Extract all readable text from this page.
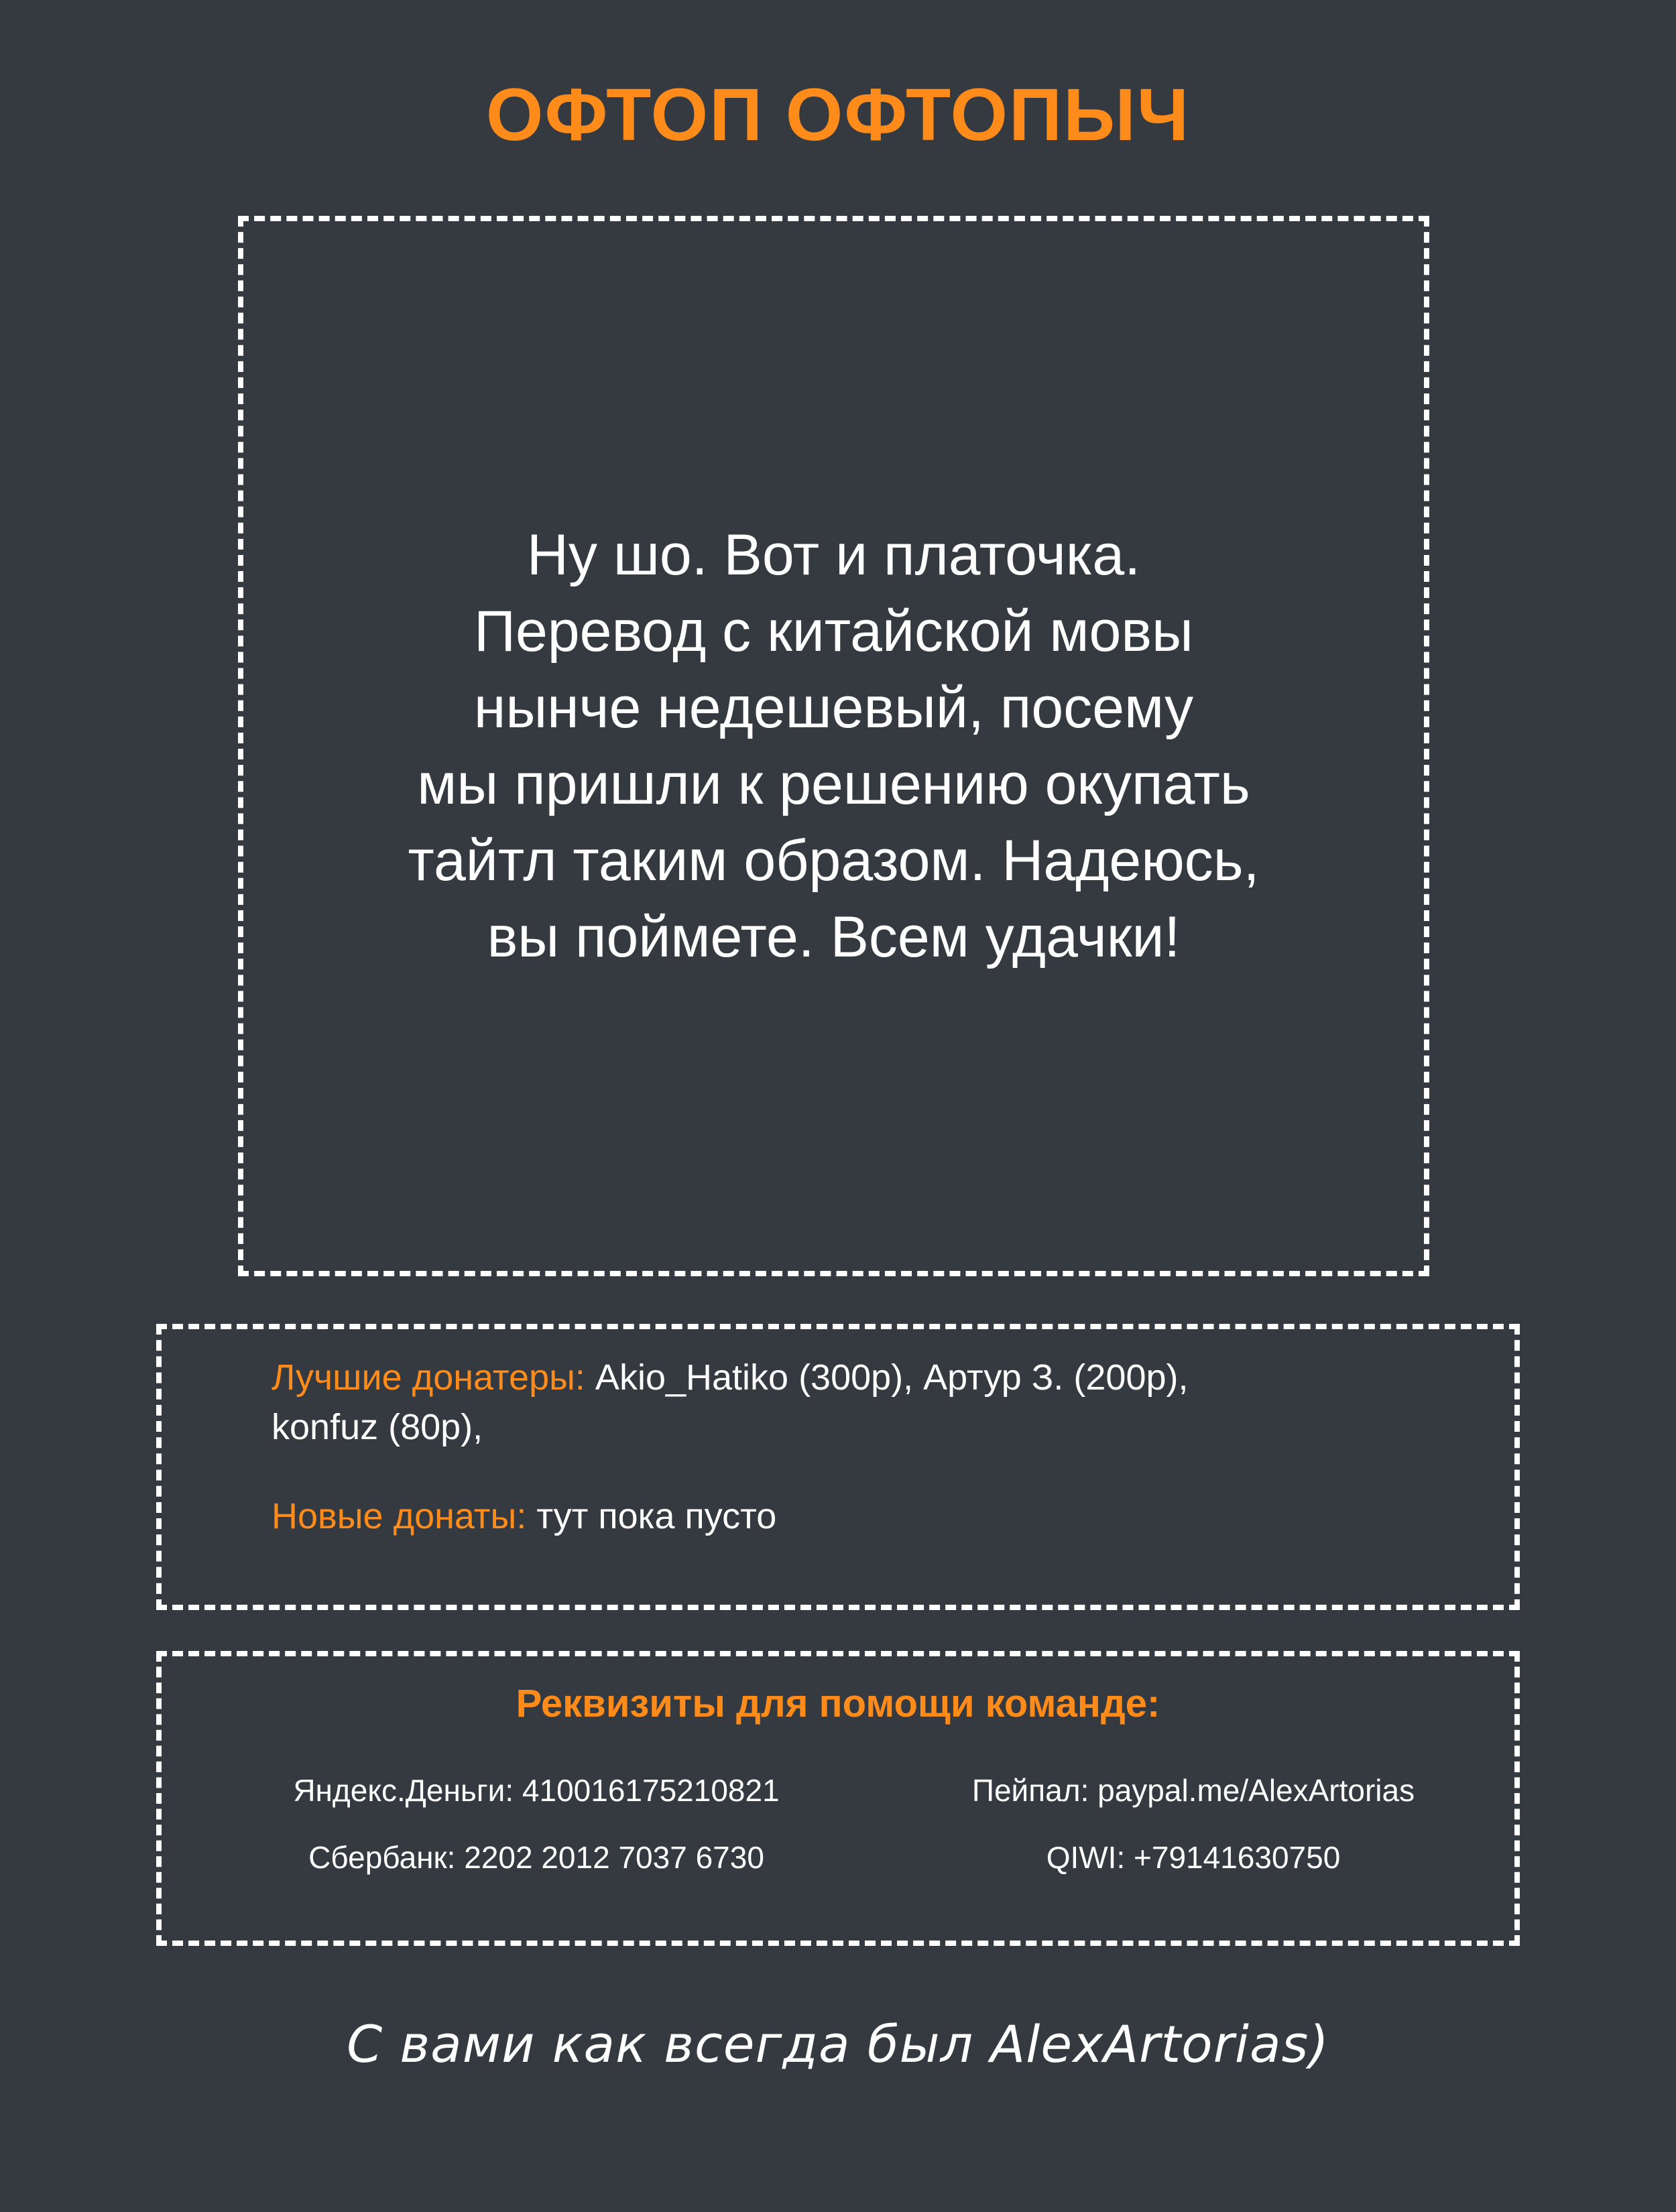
ОФТОП ОФТОПЫЧ
Ну шо. Вот и платочка.
Перевод с китайской мовы
нынче недешевый, посему
мы пришли к решению окупать
тайтл таким образом. Надеюсь,
вы поймете. Всем удачки!
Лучшие донатеры: Akio_Hatiko (300р), Артур З. (200р),
konfuz (80р),
Новые донаты: тут пока пусто
Реквизиты для помощи команде:
Яндекс.Деньги: 410016175210821
Сбербанк: 2202 2012 7037 6730
Пейпал: paypal.me/AlexArtorias
QIWI: +79141630750
С вами как всегда был AlexArtorias)
